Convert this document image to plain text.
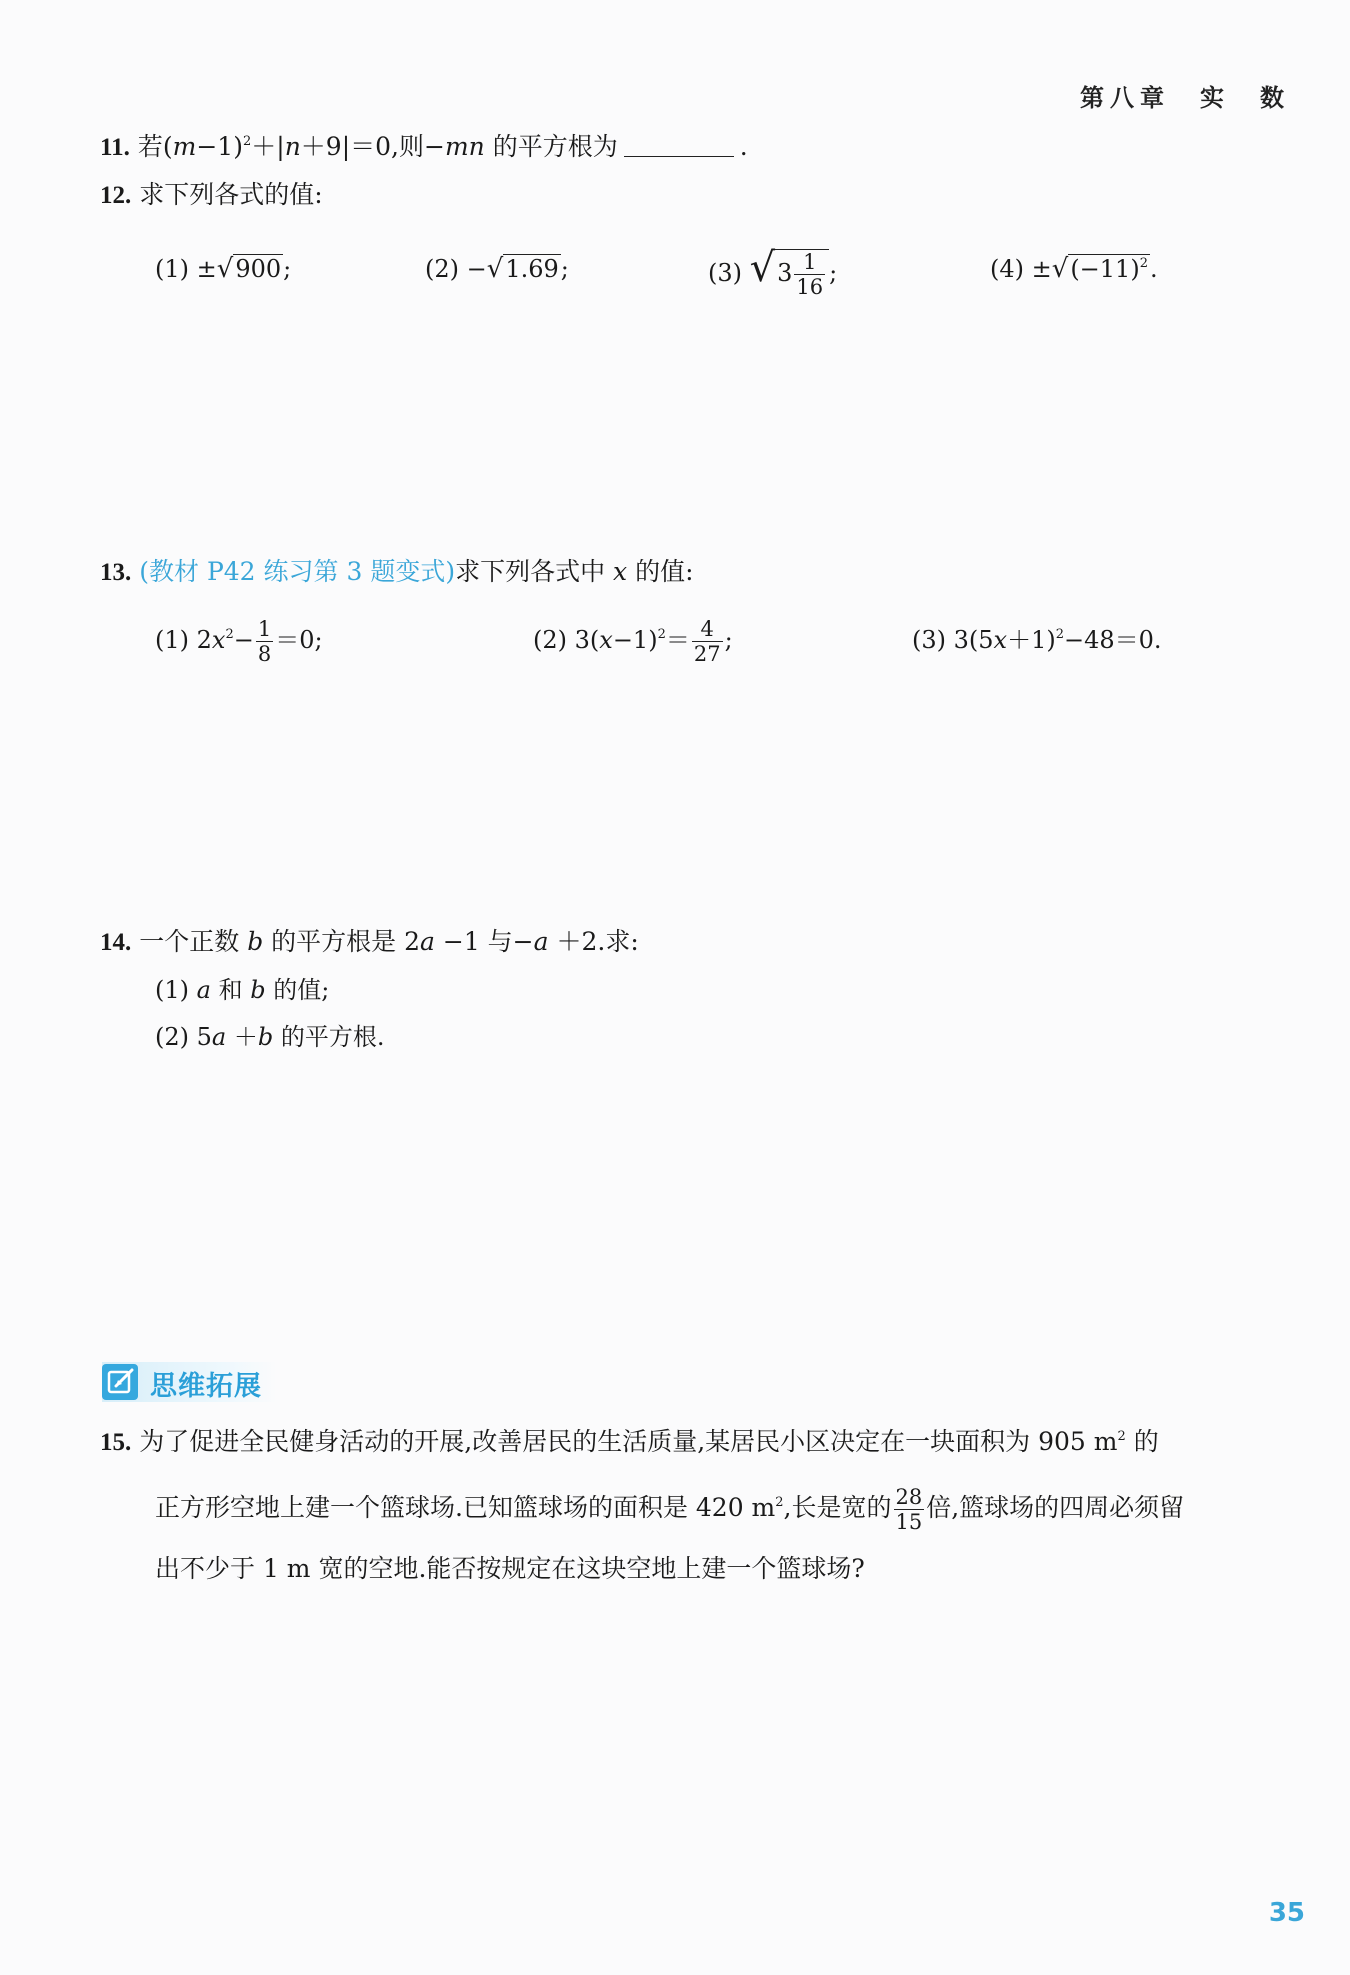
第八章　实　数
11. 若$(m-1)^2+|n+9|=0$,则−mn 的平方根为	.
12. 求下列各式的值:
(1) ±√900;	(2) −√1.69;	(3) $√3 \frac{1}{16}$ ;	$(4) \pm√(-11)^2$.
13. (教材 P42 练习第 3 题变式)求下列各式中 x 的值:
(1) $2x^2- \frac{1}{8} =0$;	(2) $3(x-1)^2= \frac{4}{27}$ ;	(3) $3(5x+1)^2-48=0$.
14. 一个正数 b 的平方根是 2a −1 与−a ＋2.求:
(1) a 和 b 的值;
(2) 5a ＋b 的平方根.
思维拓展
15. 为了促进全民健身活动的开展,改善居民的生活质量,某居民小区决定在一块面积为 905 $m^2$ 的
正方形空地上建一个篮球场.已知篮球场的面积是 420 $m^2$,长是宽的 $\frac{28}{15}$ 倍,篮球场的四周必须留
出不少于 1 m 宽的空地.能否按规定在这块空地上建一个篮球场?
35
